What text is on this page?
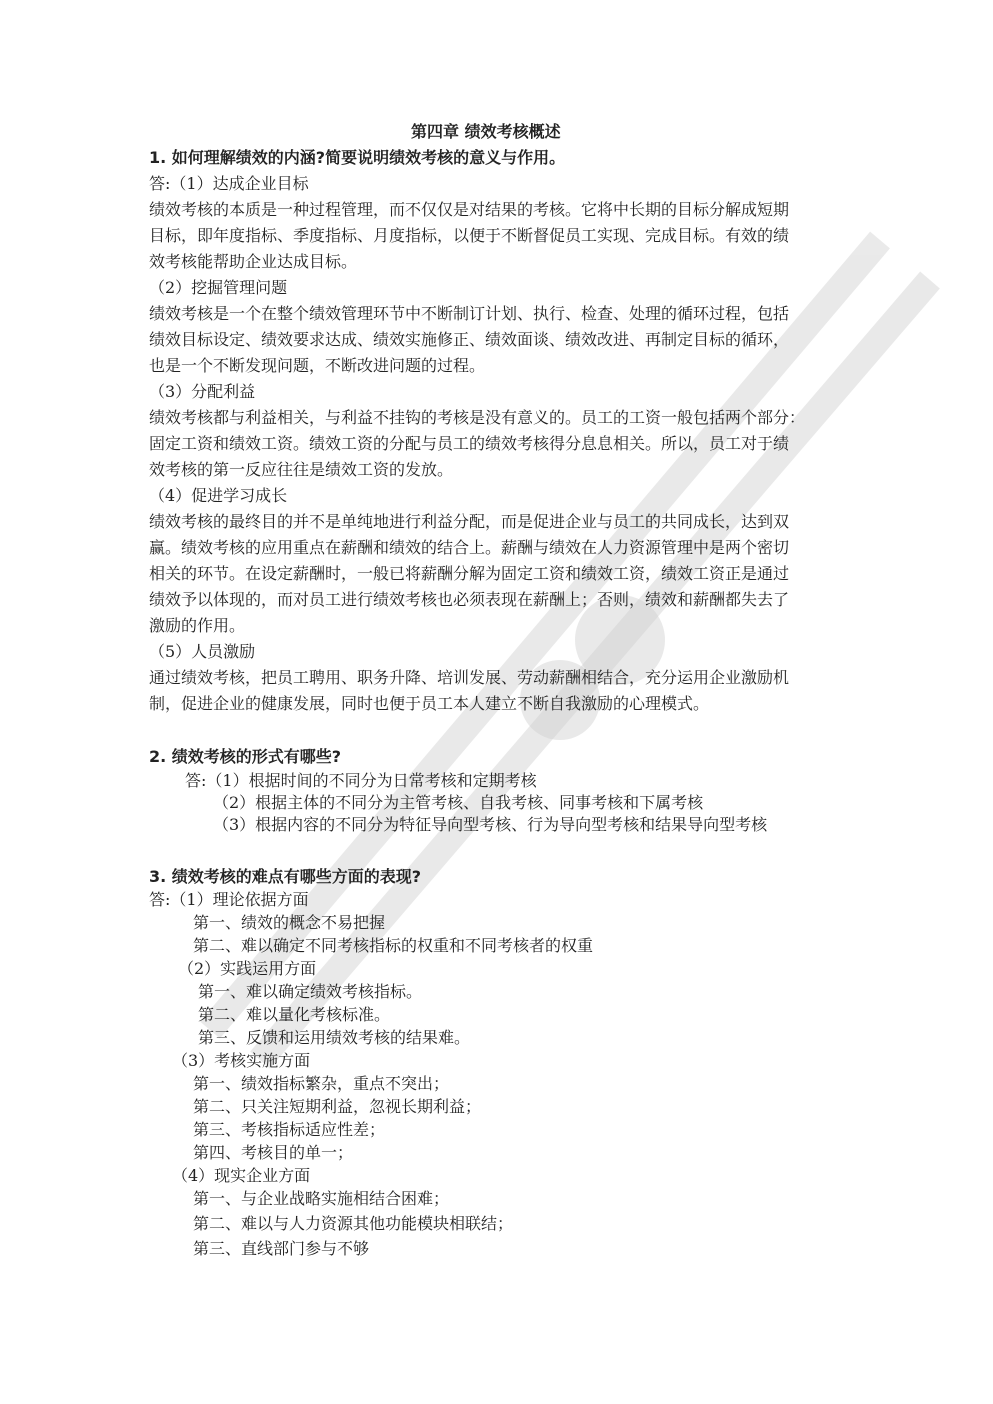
第四章 绩效考核概述
1. 如何理解绩效的内涵?简要说明绩效考核的意义与作用。
答:（1）达成企业目标
绩效考核的本质是一种过程管理，而不仅仅是对结果的考核。它将中长期的目标分解成短期
目标，即年度指标、季度指标、月度指标，以便于不断督促员工实现、完成目标。有效的绩
效考核能帮助企业达成目标。
（2）挖掘管理问题
绩效考核是一个在整个绩效管理环节中不断制订计划、执行、检查、处理的循环过程，包括
绩效目标设定、绩效要求达成、绩效实施修正、绩效面谈、绩效改进、再制定目标的循环，
也是一个不断发现问题，不断改进问题的过程。
（3）分配利益
绩效考核都与利益相关，与利益不挂钩的考核是没有意义的。员工的工资一般包括两个部分：
固定工资和绩效工资。绩效工资的分配与员工的绩效考核得分息息相关。所以，员工对于绩
效考核的第一反应往往是绩效工资的发放。
（4）促进学习成长
绩效考核的最终目的并不是单纯地进行利益分配，而是促进企业与员工的共同成长，达到双
赢。绩效考核的应用重点在薪酬和绩效的结合上。薪酬与绩效在人力资源管理中是两个密切
相关的环节。在设定薪酬时，一般已将薪酬分解为固定工资和绩效工资，绩效工资正是通过
绩效予以体现的，而对员工进行绩效考核也必须表现在薪酬上；否则，绩效和薪酬都失去了
激励的作用。
（5）人员激励
通过绩效考核，把员工聘用、职务升降、培训发展、劳动薪酬相结合，充分运用企业激励机
制，促进企业的健康发展，同时也便于员工本人建立不断自我激励的心理模式。
2. 绩效考核的形式有哪些?
答:（1）根据时间的不同分为日常考核和定期考核
（2）根据主体的不同分为主管考核、自我考核、同事考核和下属考核
（3）根据内容的不同分为特征导向型考核、行为导向型考核和结果导向型考核
3. 绩效考核的难点有哪些方面的表现?
答:（1）理论依据方面
第一、绩效的概念不易把握
第二、难以确定不同考核指标的权重和不同考核者的权重
（2）实践运用方面
第一、难以确定绩效考核指标。
第二、难以量化考核标准。
第三、反馈和运用绩效考核的结果难。
（3）考核实施方面
第一、绩效指标繁杂，重点不突出；
第二、只关注短期利益，忽视长期利益；
第三、考核指标适应性差；
第四、考核目的单一；
（4）现实企业方面
第一、与企业战略实施相结合困难；
第二、难以与人力资源其他功能模块相联结；
第三、直线部门参与不够
